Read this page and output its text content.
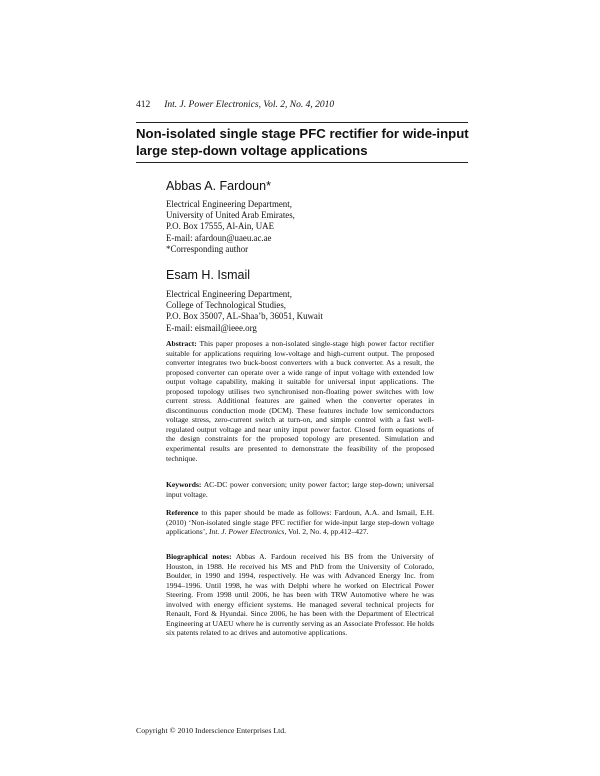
412 Int. J. Power Electronics, Vol. 2, No. 4, 2010
Non-isolated single stage PFC rectifier for wide-input
large step-down voltage applications
Abbas A. Fardoun*
Electrical Engineering Department,
University of United Arab Emirates,
P.O. Box 17555, Al-Ain, UAE
E-mail: afardoun@uaeu.ac.ae
*Corresponding author
Esam H. Ismail
Electrical Engineering Department,
College of Technological Studies,
P.O. Box 35007, AL-Shaa’b, 36051, Kuwait
E-mail: eismail@ieee.org

Abstract: This paper proposes a non-isolated single-stage high power factor rectifier suitable for applications requiring low-voltage and high-current output. The proposed converter integrates two buck-boost converters with a buck converter. As a result, the proposed converter can operate over a wide range of input voltage with extended low output voltage capability, making it suitable for universal input applications. The proposed topology utilises two synchronised non-floating power switches with low current stress. Additional features are gained when the converter operates in discontinuous conduction mode (DCM). These features include low semiconductors voltage stress, zero-current switch at turn-on, and simple control with a fast well-regulated output voltage and near unity input power factor. Closed form equations of the design constraints for the proposed topology are presented. Simulation and experimental results are presented to demonstrate the feasibility of the proposed technique.

Keywords: AC-DC power conversion; unity power factor; large step-down; universal input voltage.

Reference to this paper should be made as follows: Fardoun, A.A. and Ismail, E.H. (2010) ‘Non-isolated single stage PFC rectifier for wide-input large step-down voltage applications’, Int. J. Power Electronics, Vol. 2, No. 4, pp.412–427.

Biographical notes: Abbas A. Fardoun received his BS from the University of Houston, in 1988. He received his MS and PhD from the University of Colorado, Boulder, in 1990 and 1994, respectively. He was with Advanced Energy Inc. from 1994–1996. Until 1998, he was with Delphi where he worked on Electrical Power Steering. From 1998 until 2006, he has been with TRW Automotive where he was involved with energy efficient systems. He managed several technical projects for Renault, Ford & Hyundai. Since 2006, he has been with the Department of Electrical Engineering at UAEU where he is currently serving as an Associate Professor. He holds six patents related to ac drives and automotive applications.

Copyright © 2010 Inderscience Enterprises Ltd.
